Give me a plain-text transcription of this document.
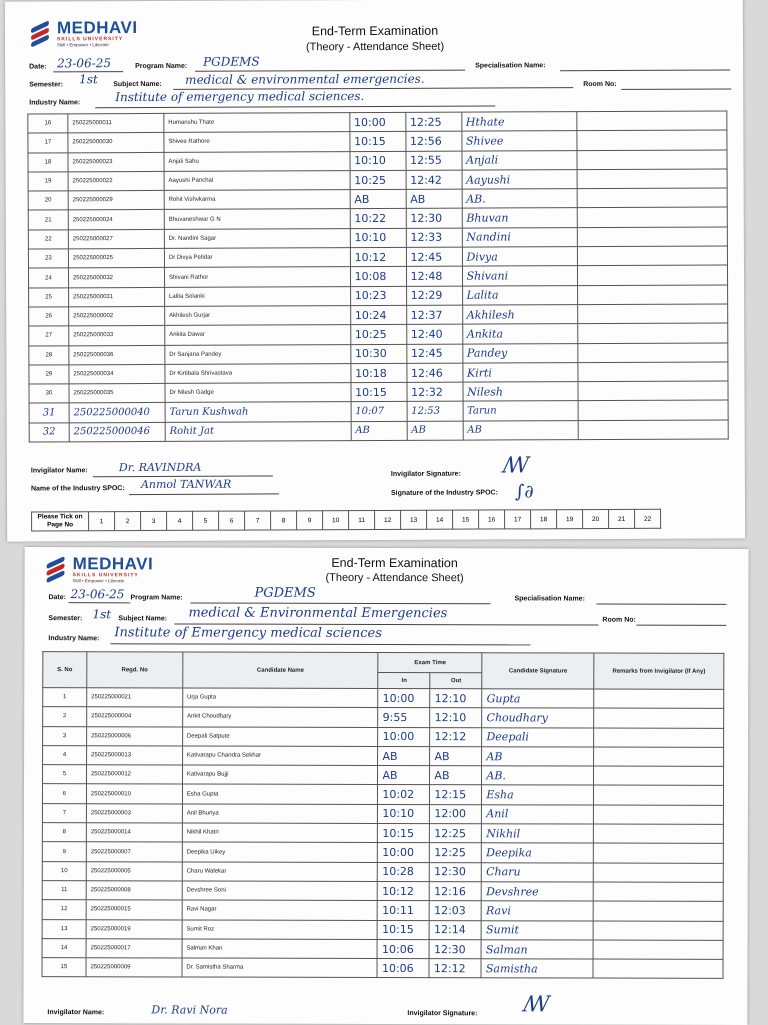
MEDHAVI
SKILLS UNIVERSITY
Skill • Empower • Liberate
End-Term Examination
(Theory - Attendance Sheet)
Date: 23-06-25	Program Name: PGDEMS	Specialisation Name:
Semester: 1st Subject Name: medical & environmental emergencies.	Room No:
Industry Name:	Institute of emergency medical sciences.
16	250225000011	Humanshu Thate	10:00	12:25	Hthate	
17	250225000030	Shivee Rathore	10:15	12:56	Shivee	
18	250225000023	Anjali Sahu	10:10	12:55	Anjali	
19	250225000022	Aayushi Panchal	10:25	12:42	Aayushi	
20	250225000029	Rohit Vishvkarma	AB	AB	AB.	
21	250225000024	Bhuvaneshwar G N	10:22	12:30	Bhuvan	
22	250225000027	Dr. Nandini Sagar	10:10	12:33	Nandini	
23	250225000025	Dr Divya Petidar	10:12	12:45	Divya	
24	250225000032	Shivani Rathor	10:08	12:48	Shivani	
25	250225000031	Lalita Solanki	10:23	12:29	Lalita	
26	250225000002	Akhilesh Gurjar	10:24	12:37	Akhilesh	
27	250225000033	Ankita Dawar	10:25	12:40	Ankita	
28	250225000036	Dr Sanjana Pandey	10:30	12:45	Pandey	
29	250225000034	Dr Kirtibala Shrivastava	10:18	12:46	Kirti	
30	250225000035	Dr Nilesh Gadge	10:15	12:32	Nilesh	
31	250225000040	Tarun Kushwah	10:07	12:53	Tarun	
32	250225000046	Rohit Jat	AB	AB	AB	
Invigilator Name:	Dr. RAVINDRA
Name of the Industry SPOC: Anmol TANWAR
Invigilator Signature: ꟿ
Signature of the Industry SPOC: ∫∂
Please Tick on Page No	1	2	3	4	5	6	7	8	9	10	11	12	13	14	15	16	17	18	19	20	21	22
MEDHAVI
SKILLS UNIVERSITY
Skill • Empower • Liberate
End-Term Examination
(Theory - Attendance Sheet)
Date: 23-06-25 Program Name:	PGDEMS	Specialisation Name:
Semester: 1st Subject Name: medical & Environmental Emergencies	Room No:
Industry Name: Institute of Emergency medical sciences
S. No	Regd. No	Candidate Name	Exam Time		Candidate Signature	Remarks from Invigilator (If Any)
			In	Out		
1	250225000021	Urja Gupta	10:00	12:10	Gupta	
2	250225000004	Ankit Choudhary	9:55	12:10	Choudhary	
3	250225000006	Deepali Satpute	10:00	12:12	Deepali	
4	250225000013	Kativarapu Chandra Sekhar	AB	AB	AB	
5	250225000012	Kativarapu Bujji	AB	AB	AB.	
6	250225000010	Esha Gupta	10:02	12:15	Esha	
7	250225000003	Anil Bhuriya	10:10	12:00	Anil	
8	250225000014	Nikhil Khatri	10:15	12:25	Nikhil	
9	250225000007	Deepika Uikey	10:00	12:25	Deepika	
10	250225000005	Charu Walekar	10:28	12:30	Charu	
11	250225000008	Devshree Soni	10:12	12:16	Devshree	
12	250225000015	Ravi Nagar	10:11	12:03	Ravi	
13	250225000019	Sumit Roz	10:15	12:14	Sumit	
14	250225000017	Salman Khan	10:06	12:30	Salman	
15	250225000009	Dr. Samistha Sharma	10:06	12:12	Samistha	
Invigilator Name:	Dr. Ravi Nora	Invigilator Signature: ꟿ
